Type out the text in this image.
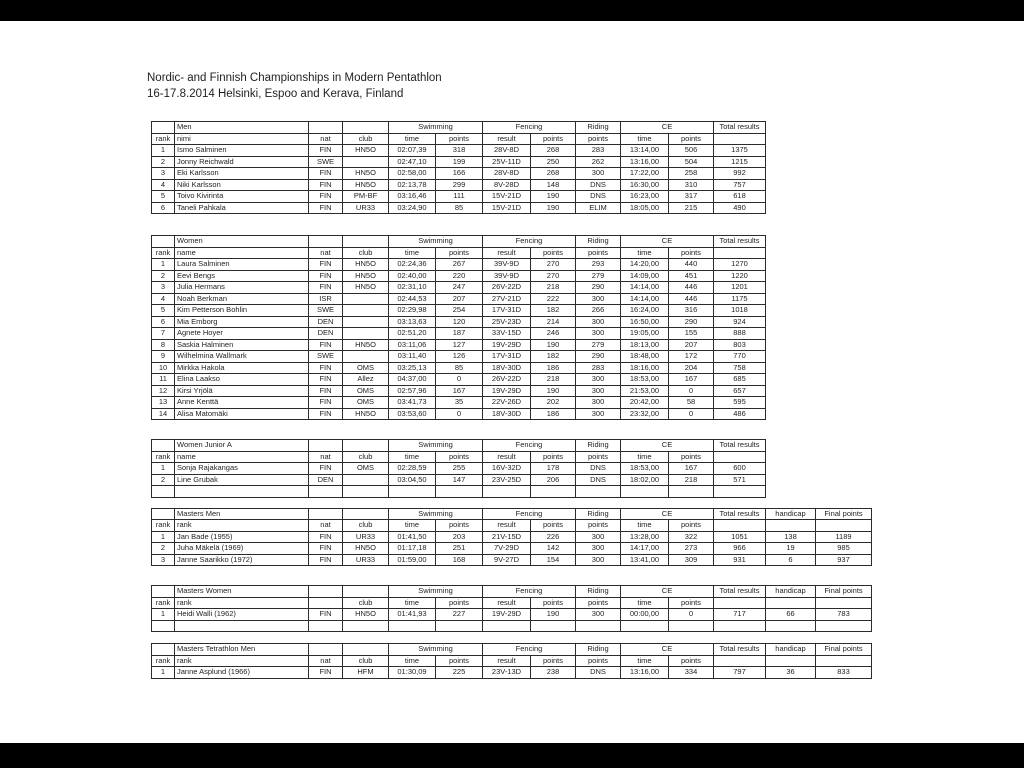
Nordic- and Finnish Championships in Modern Pentathlon
16-17.8.2014 Helsinki, Espoo and Kerava, Finland
	Men			Swimming		Fencing		Riding	CE		Total results
rank	nimi	nat	club	time	points	result	points	points	time	points	
1	Ismo Salminen	FIN	HN5O	02:07,39	318	28V-8D	268	283	13:14,00	506	1375
2	Jonny Reichwald	SWE		02:47,10	199	25V-11D	250	262	13:16,00	504	1215
3	Eki Karlsson	FIN	HN5O	02:58,00	166	28V-8D	268	300	17:22,00	258	992
4	Niki Karlsson	FIN	HN5O	02:13,78	299	8V-28D	148	DNS	16:30,00	310	757
5	Toivo Kivirinta	FIN	PM-BF	03:16,46	111	15V-21D	190	DNS	16:23,00	317	618
6	Taneli Pahkala	FIN	UR33	03:24,90	85	15V-21D	190	ELIM	18:05,00	215	490
	Women			Swimming		Fencing		Riding	CE		Total results
rank	name	nat	club	time	points	result	points	points	time	points	
1	Laura Salminen	FIN	HN5O	02:24,36	267	39V-9D	270	293	14:20,00	440	1270
2	Eevi Bengs	FIN	HN5O	02:40,00	220	39V-9D	270	279	14:09,00	451	1220
3	Julia Hermans	FIN	HN5O	02:31,10	247	26V-22D	218	290	14:14,00	446	1201
4	Noah Berkman	ISR		02:44,53	207	27V-21D	222	300	14:14,00	446	1175
5	Kim Petterson Bohlin	SWE		02:29,98	254	17V-31D	182	266	16:24,00	316	1018
6	Mia Emborg	DEN		03:13,63	120	25V-23D	214	300	16:50,00	290	924
7	Agnete Hoyer	DEN		02:51,20	187	33V-15D	246	300	19:05,00	155	888
8	Saskia Halminen	FIN	HN5O	03:11,06	127	19V-29D	190	279	18:13,00	207	803
9	Wilhelmina Wallmark	SWE		03:11,40	126	17V-31D	182	290	18:48,00	172	770
10	Mirkka Hakola	FIN	OMS	03:25,13	85	18V-30D	186	283	18:16,00	204	758
11	Elina Laakso	FIN	Allez	04:37,00	0	26V-22D	218	300	18:53,00	167	685
12	Kirsi Yrjölä	FIN	OMS	02:57,96	167	19V-29D	190	300	21:53,00	0	657
13	Anne Kenttä	FIN	OMS	03:41,73	35	22V-26D	202	300	20:42,00	58	595
14	Alisa Matomäki	FIN	HN5O	03:53,60	0	18V-30D	186	300	23:32,00	0	486
	Women Junior A			Swimming		Fencing		Riding	CE		Total results
rank	name	nat	club	time	points	result	points	points	time	points	
1	Sonja Rajakangas	FIN	OMS	02:28,59	255	16V-32D	178	DNS	18:53,00	167	600
2	Line Grubak	DEN		03:04,50	147	23V-25D	206	DNS	18:02,00	218	571

	Masters Men			Swimming		Fencing		Riding	CE		Total results	handicap	Final points
rank	rank	nat	club	time	points	result	points	points	time	points			
1	Jan Bade (1955)	FIN	UR33	01:41,50	203	21V-15D	226	300	13:28,00	322	1051	138	1189
2	Juha Mäkelä (1969)	FIN	HN5O	01:17,18	251	7V-29D	142	300	14:17,00	273	966	19	985
3	Janne Saarikko (1972)	FIN	UR33	01:59,00	168	9V-27D	154	300	13:41,00	309	931	6	937
	Masters Women			Swimming		Fencing		Riding	CE		Total results	handicap	Final points
rank	rank		club	time	points	result	points	points	time	points			
1	Heidi Walli (1962)	FIN	HN5O	01:41,93	227	19V-29D	190	300	00:00,00	0	717	66	783

	Masters Tetrathlon Men			Swimming		Fencing		Riding	CE		Total results	handicap	Final points
rank	rank	nat	club	time	points	result	points	points	time	points			
1	Janne Asplund (1966)	FIN	HFM	01:30,09	225	23V-13D	238	DNS	13:16,00	334	797	36	833
